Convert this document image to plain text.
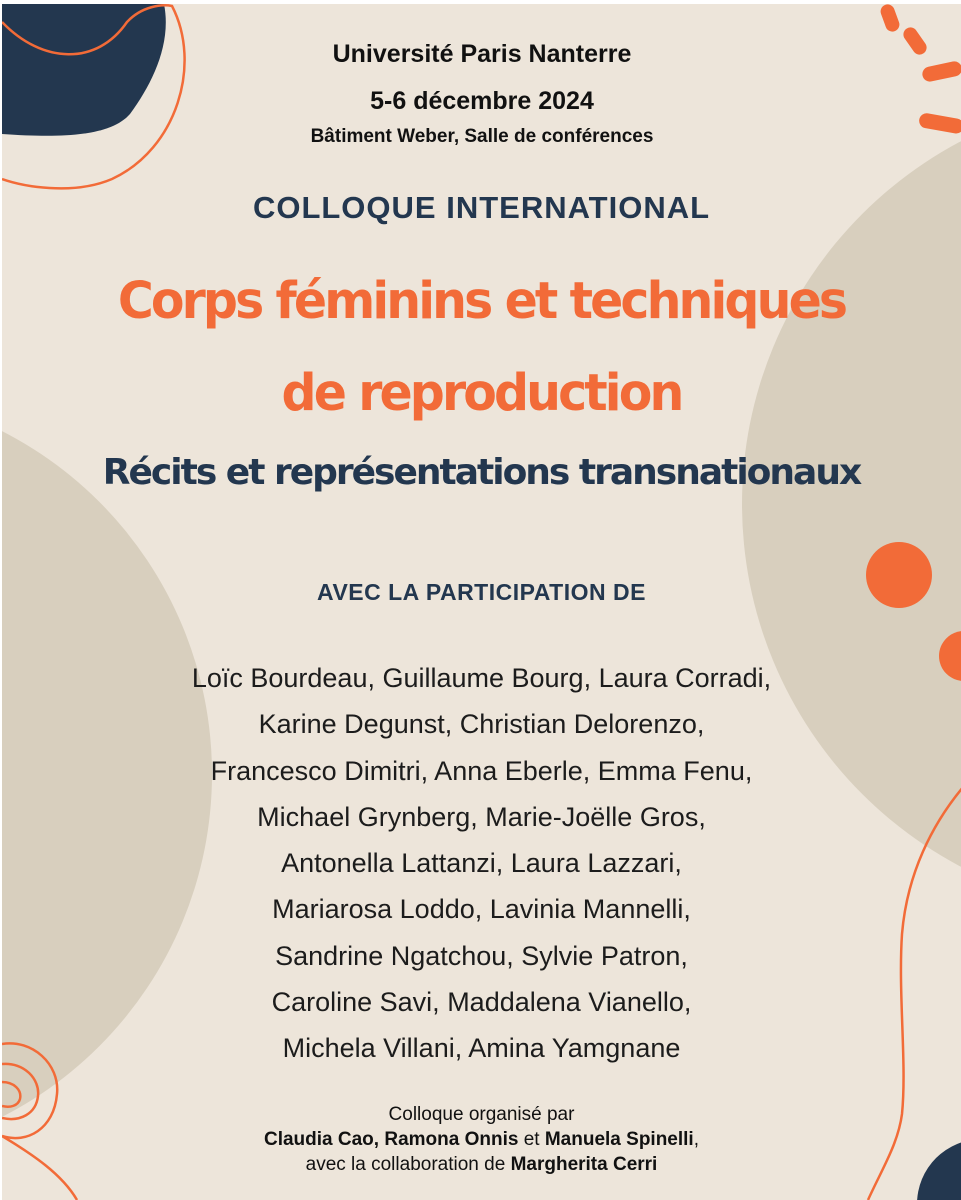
Université Paris Nanterre
5-6 décembre 2024
Bâtiment Weber, Salle de conférences
COLLOQUE INTERNATIONAL
Corps féminins et techniques
de reproduction
Récits et représentations transnationaux
AVEC LA PARTICIPATION DE
Loïc Bourdeau, Guillaume Bourg, Laura Corradi,
Karine Degunst, Christian Delorenzo,
Francesco Dimitri, Anna Eberle, Emma Fenu,
Michael Grynberg, Marie-Joëlle Gros,
Antonella Lattanzi, Laura Lazzari,
Mariarosa Loddo, Lavinia Mannelli,
Sandrine Ngatchou, Sylvie Patron,
Caroline Savi, Maddalena Vianello,
Michela Villani, Amina Yamgnane
Colloque organisé par
Claudia Cao, Ramona Onnis et Manuela Spinelli,
avec la collaboration de Margherita Cerri
